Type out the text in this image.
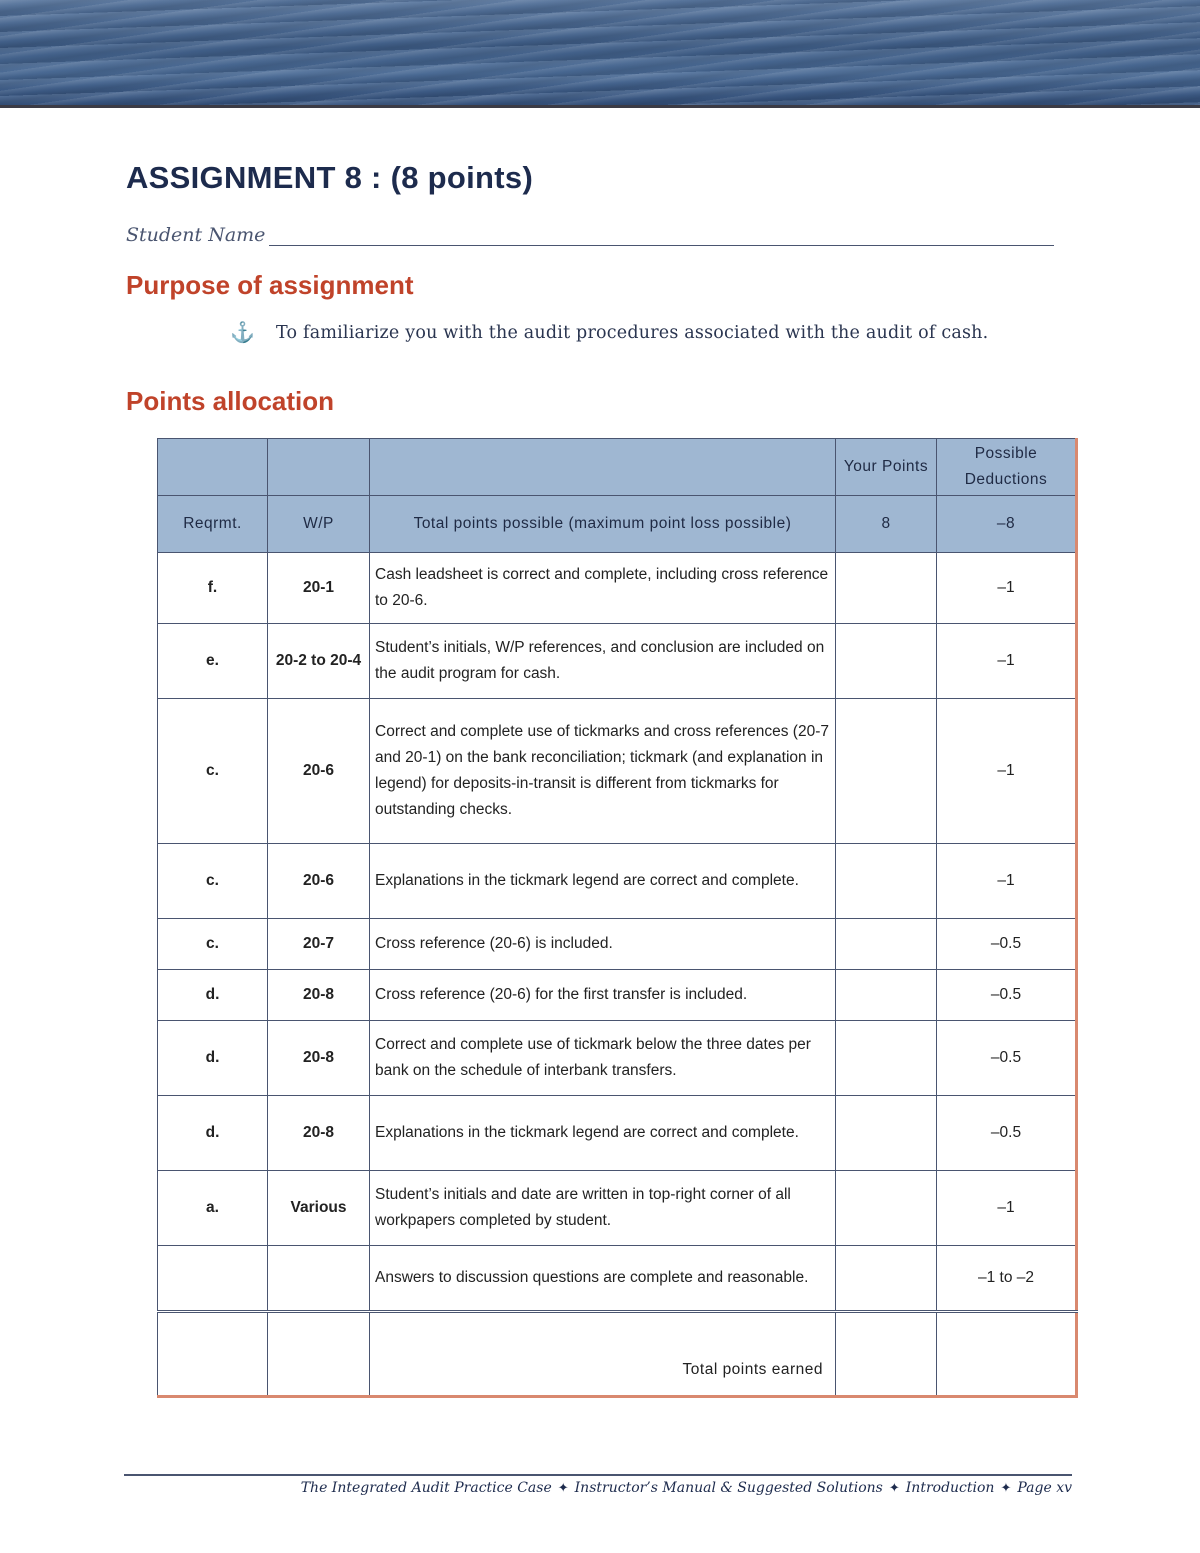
ASSIGNMENT 8 : (8 points)
Student Name
Purpose of assignment
⚓	To familiarize you with the audit procedures associated with the audit of cash.
Points allocation
			Your Points	Possible Deductions
Reqrmt.	W/P	Total points possible (maximum point loss possible)	8	–8
f.	20-1	Cash leadsheet is correct and complete, including cross reference to 20-6.		–1
e.	20-2 to 20-4	Student’s initials, W/P references, and conclusion are included on the audit program for cash.		–1
c.	20-6	Correct and complete use of tickmarks and cross references (20-7 and 20-1) on the bank reconciliation; tickmark (and explanation in legend) for deposits-in-transit is different from tickmarks for outstanding checks.		–1
c.	20-6	Explanations in the tickmark legend are correct and complete.		–1
c.	20-7	Cross reference (20-6) is included.		–0.5
d.	20-8	Cross reference (20-6) for the first transfer is included.		–0.5
d.	20-8	Correct and complete use of tickmark below the three dates per bank on the schedule of interbank transfers.		–0.5
d.	20-8	Explanations in the tickmark legend are correct and complete.		–0.5
a.	Various	Student’s initials and date are written in top-right corner of all workpapers completed by student.		–1
		Answers to discussion questions are complete and reasonable.		–1 to –2
		Total points earned		
The Integrated Audit Practice Case ✦ Instructor’s Manual & Suggested Solutions ✦ Introduction ✦ Page xv
